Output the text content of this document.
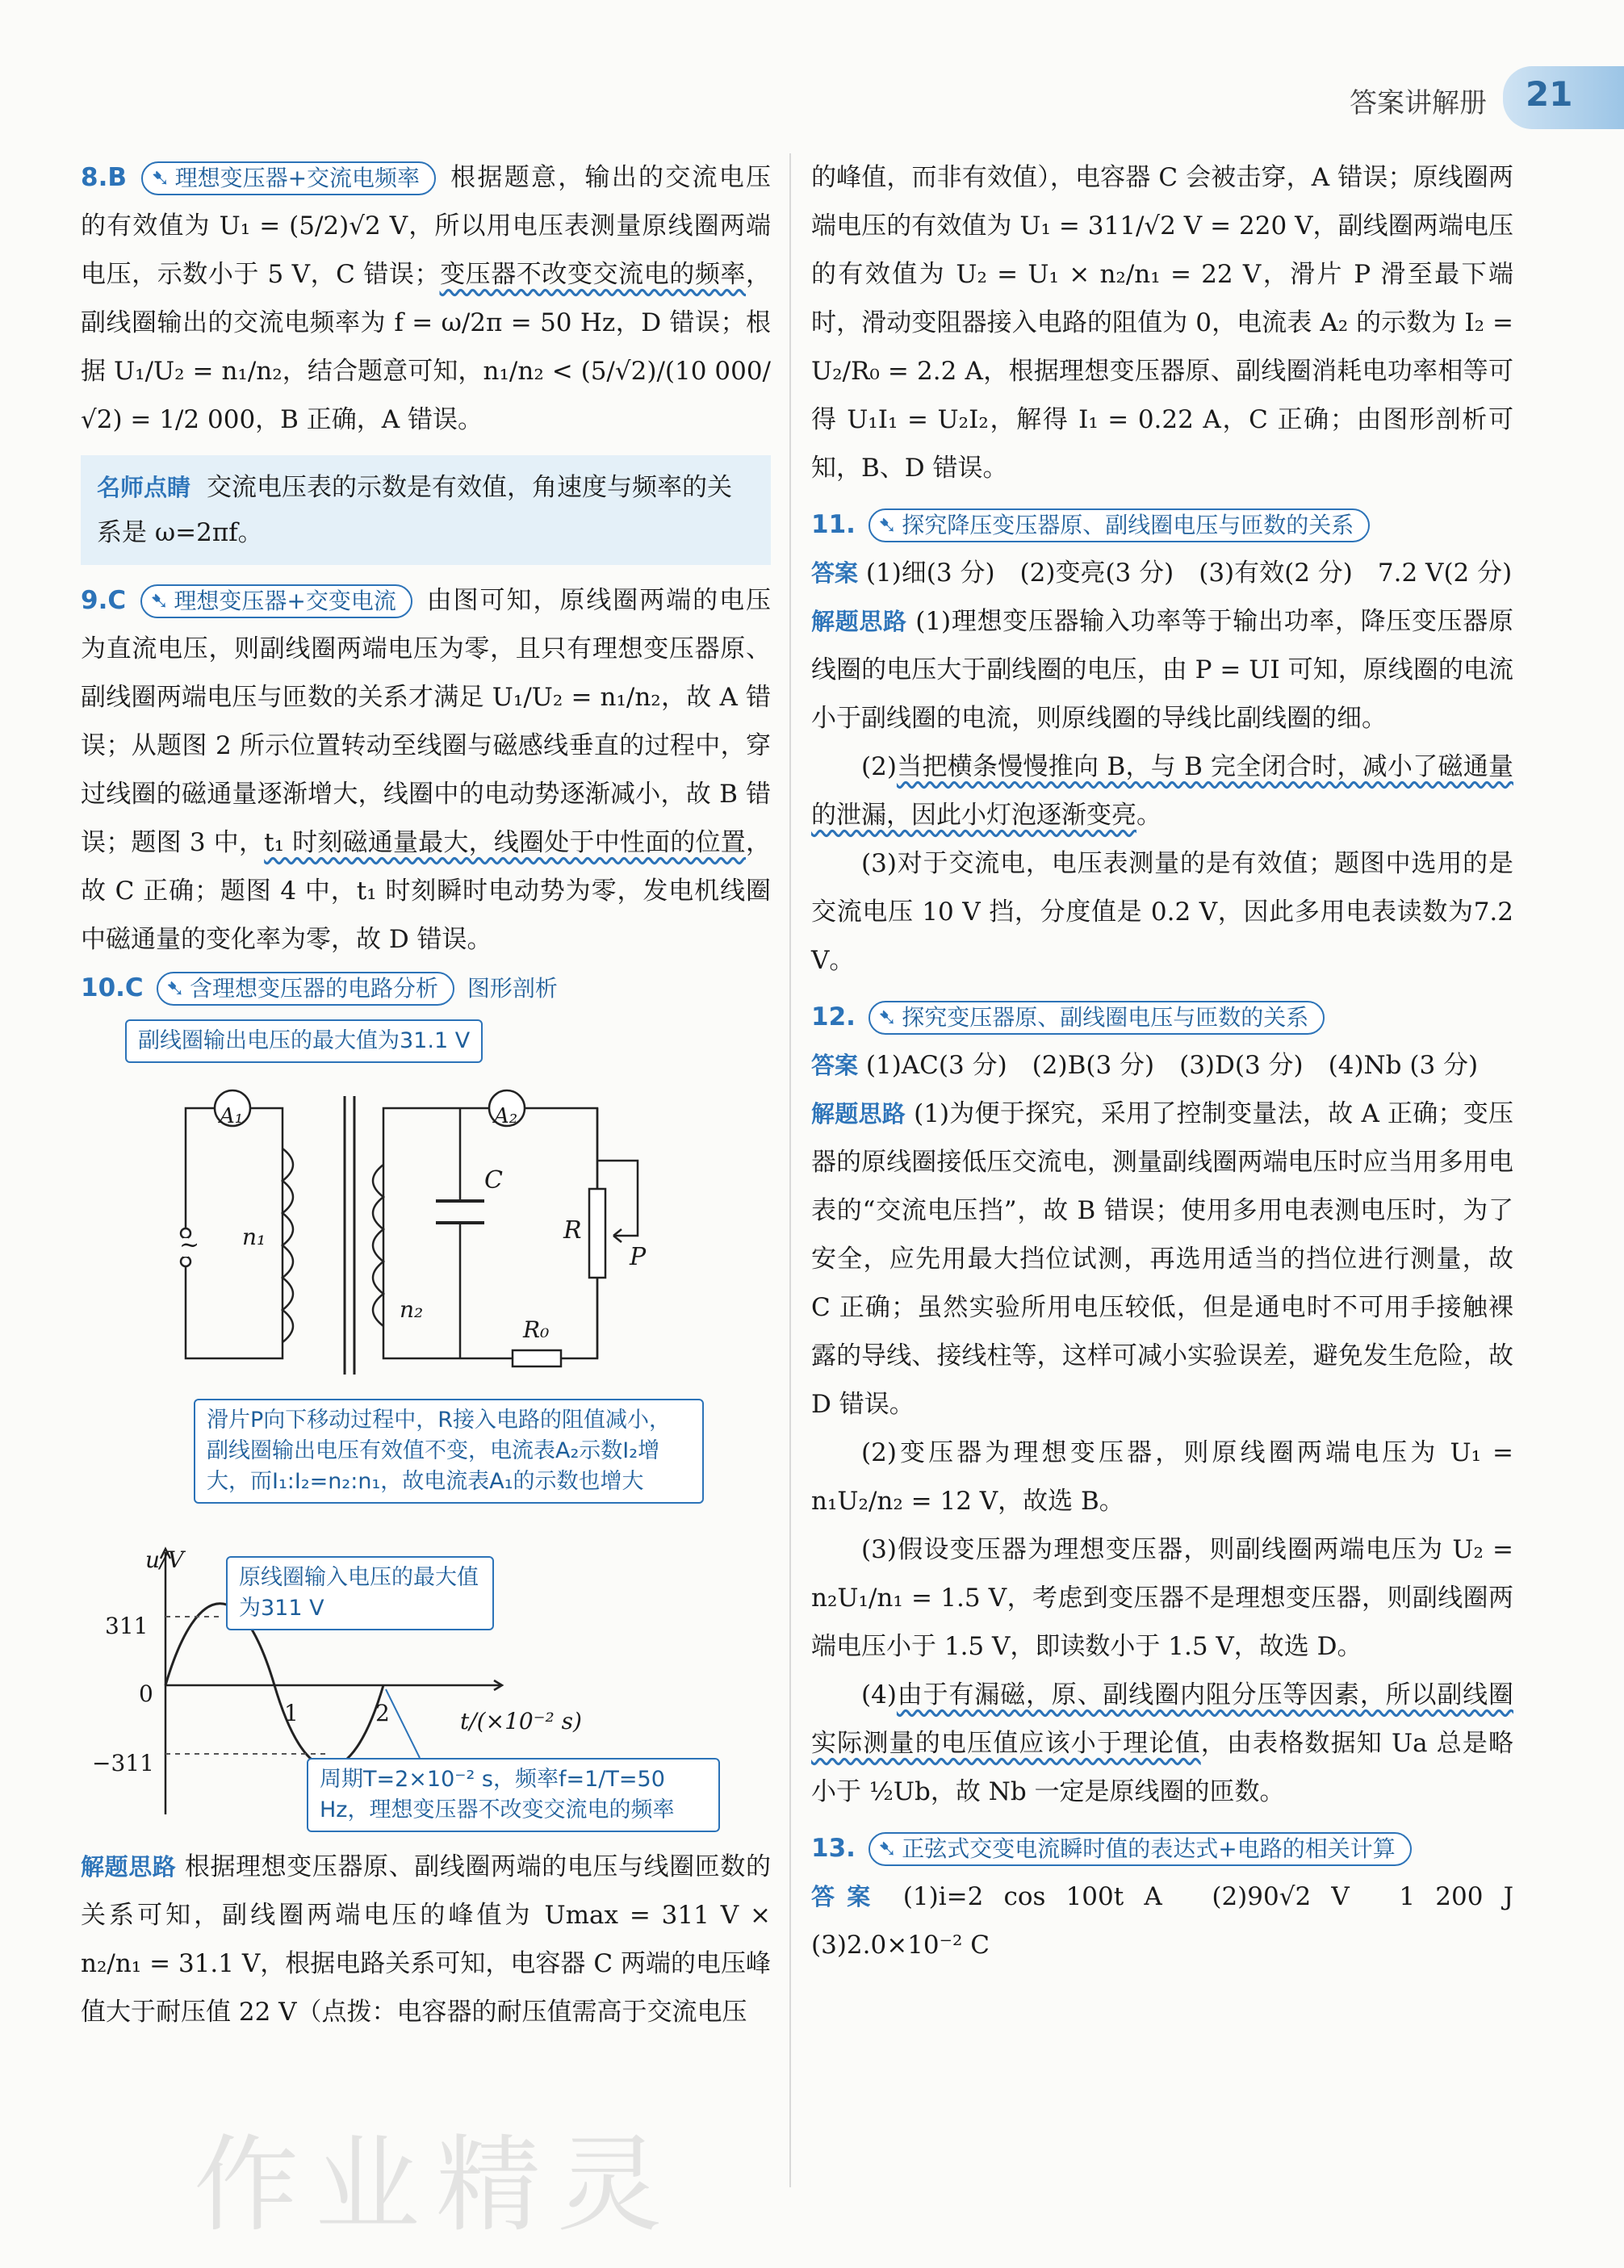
答案讲解册 21

8.B ➷ 理想变压器+交流电频率 根据题意，输出的交流电压的有效值为 U₁ = (5/2)√2 V，所以用电压表测量原线圈两端电压，示数小于 5 V，C 错误；变压器不改变交流电的频率，副线圈输出的交流电频率为 f = ω/2π = 50 Hz，D 错误；根据 U₁/U₂ = n₁/n₂，结合题意可知，n₁/n₂ < (5/√2)/(10 000/√2) = 1/2 000，B 正确，A 错误。

名师点睛 交流电压表的示数是有效值，角速度与频率的关系是 ω=2πf。

9.C ➷ 理想变压器+交变电流 由图可知，原线圈两端的电压为直流电压，则副线圈两端电压为零，且只有理想变压器原、副线圈两端电压与匝数的关系才满足 U₁/U₂ = n₁/n₂，故 A 错误；从题图 2 所示位置转动至线圈与磁感线垂直的过程中，穿过线圈的磁通量逐渐增大，线圈中的电动势逐渐减小，故 B 错误；题图 3 中，t₁ 时刻磁通量最大，线圈处于中性面的位置，故 C 正确；题图 4 中，t₁ 时刻瞬时电动势为零，发电机线圈中磁通量的变化率为零，故 D 错误。

10.C ➷ 含理想变压器的电路分析 图形剖析

副线圈输出电压的最大值为31.1 V
A₁	A₂
~ n₁
n₂
C
R
P
R₀
滑片P向下移动过程中，R接入电路的阻值减小，副线圈输出电压有效值不变，电流表A₂示数I₂增大，而I₁:I₂=n₂:n₁，故电流表A₁的示数也增大
u/V
原线圈输入电压的最大值为311 V
311
0
−311
1	2	t/(×10⁻² s)
周期T=2×10⁻² s，频率f=1/T=50 Hz，理想变压器不改变交流电的频率

解题思路 根据理想变压器原、副线圈两端的电压与线圈匝数的关系可知，副线圈两端电压的峰值为 Umax = 311 V × n₂/n₁ = 31.1 V，根据电路关系可知，电容器 C 两端的电压峰值大于耐压值 22 V（点拨：电容器的耐压值需高于交流电压

的峰值，而非有效值），电容器 C 会被击穿，A 错误；原线圈两端电压的有效值为 U₁ = 311/√2 V = 220 V，副线圈两端电压的有效值为 U₂ = U₁ × n₂/n₁ = 22 V，滑片 P 滑至最下端时，滑动变阻器接入电路的阻值为 0，电流表 A₂ 的示数为 I₂ = U₂/R₀ = 2.2 A，根据理想变压器原、副线圈消耗电功率相等可得 U₁I₁ = U₂I₂，解得 I₁ = 0.22 A，C 正确；由图形剖析可知，B、D 错误。

11. ➷ 探究降压变压器原、副线圈电压与匝数的关系

答案 (1)细(3 分)　(2)变亮(3 分)　(3)有效(2 分)　7.2 V(2 分)

解题思路 (1)理想变压器输入功率等于输出功率，降压变压器原线圈的电压大于副线圈的电压，由 P = UI 可知，原线圈的电流小于副线圈的电流，则原线圈的导线比副线圈的细。

(2)当把横条慢慢推向 B，与 B 完全闭合时，减小了磁通量的泄漏，因此小灯泡逐渐变亮。

(3)对于交流电，电压表测量的是有效值；题图中选用的是交流电压 10 V 挡，分度值是 0.2 V，因此多用电表读数为7.2 V。

12. ➷ 探究变压器原、副线圈电压与匝数的关系

答案 (1)AC(3 分)　(2)B(3 分)　(3)D(3 分)　(4)Nb (3 分)

解题思路 (1)为便于探究，采用了控制变量法，故 A 正确；变压器的原线圈接低压交流电，测量副线圈两端电压时应当用多用电表的“交流电压挡”，故 B 错误；使用多用电表测电压时，为了安全，应先用最大挡位试测，再选用适当的挡位进行测量，故 C 正确；虽然实验所用电压较低，但是通电时不可用手接触裸露的导线、接线柱等，这样可减小实验误差，避免发生危险，故 D 错误。

(2)变压器为理想变压器，则原线圈两端电压为 U₁ = n₁U₂/n₂ = 12 V，故选 B。

(3)假设变压器为理想变压器，则副线圈两端电压为 U₂ = n₂U₁/n₁ = 1.5 V，考虑到变压器不是理想变压器，则副线圈两端电压小于 1.5 V，即读数小于 1.5 V，故选 D。

(4)由于有漏磁，原、副线圈内阻分压等因素，所以副线圈实际测量的电压值应该小于理论值，由表格数据知 Ua 总是略小于 ½Ub，故 Nb 一定是原线圈的匝数。

13. ➷ 正弦式交变电流瞬时值的表达式+电路的相关计算

答案 (1)i=2 cos 100t A　(2)90√2 V　1 200 J　(3)2.0×10⁻² C

作业精灵
